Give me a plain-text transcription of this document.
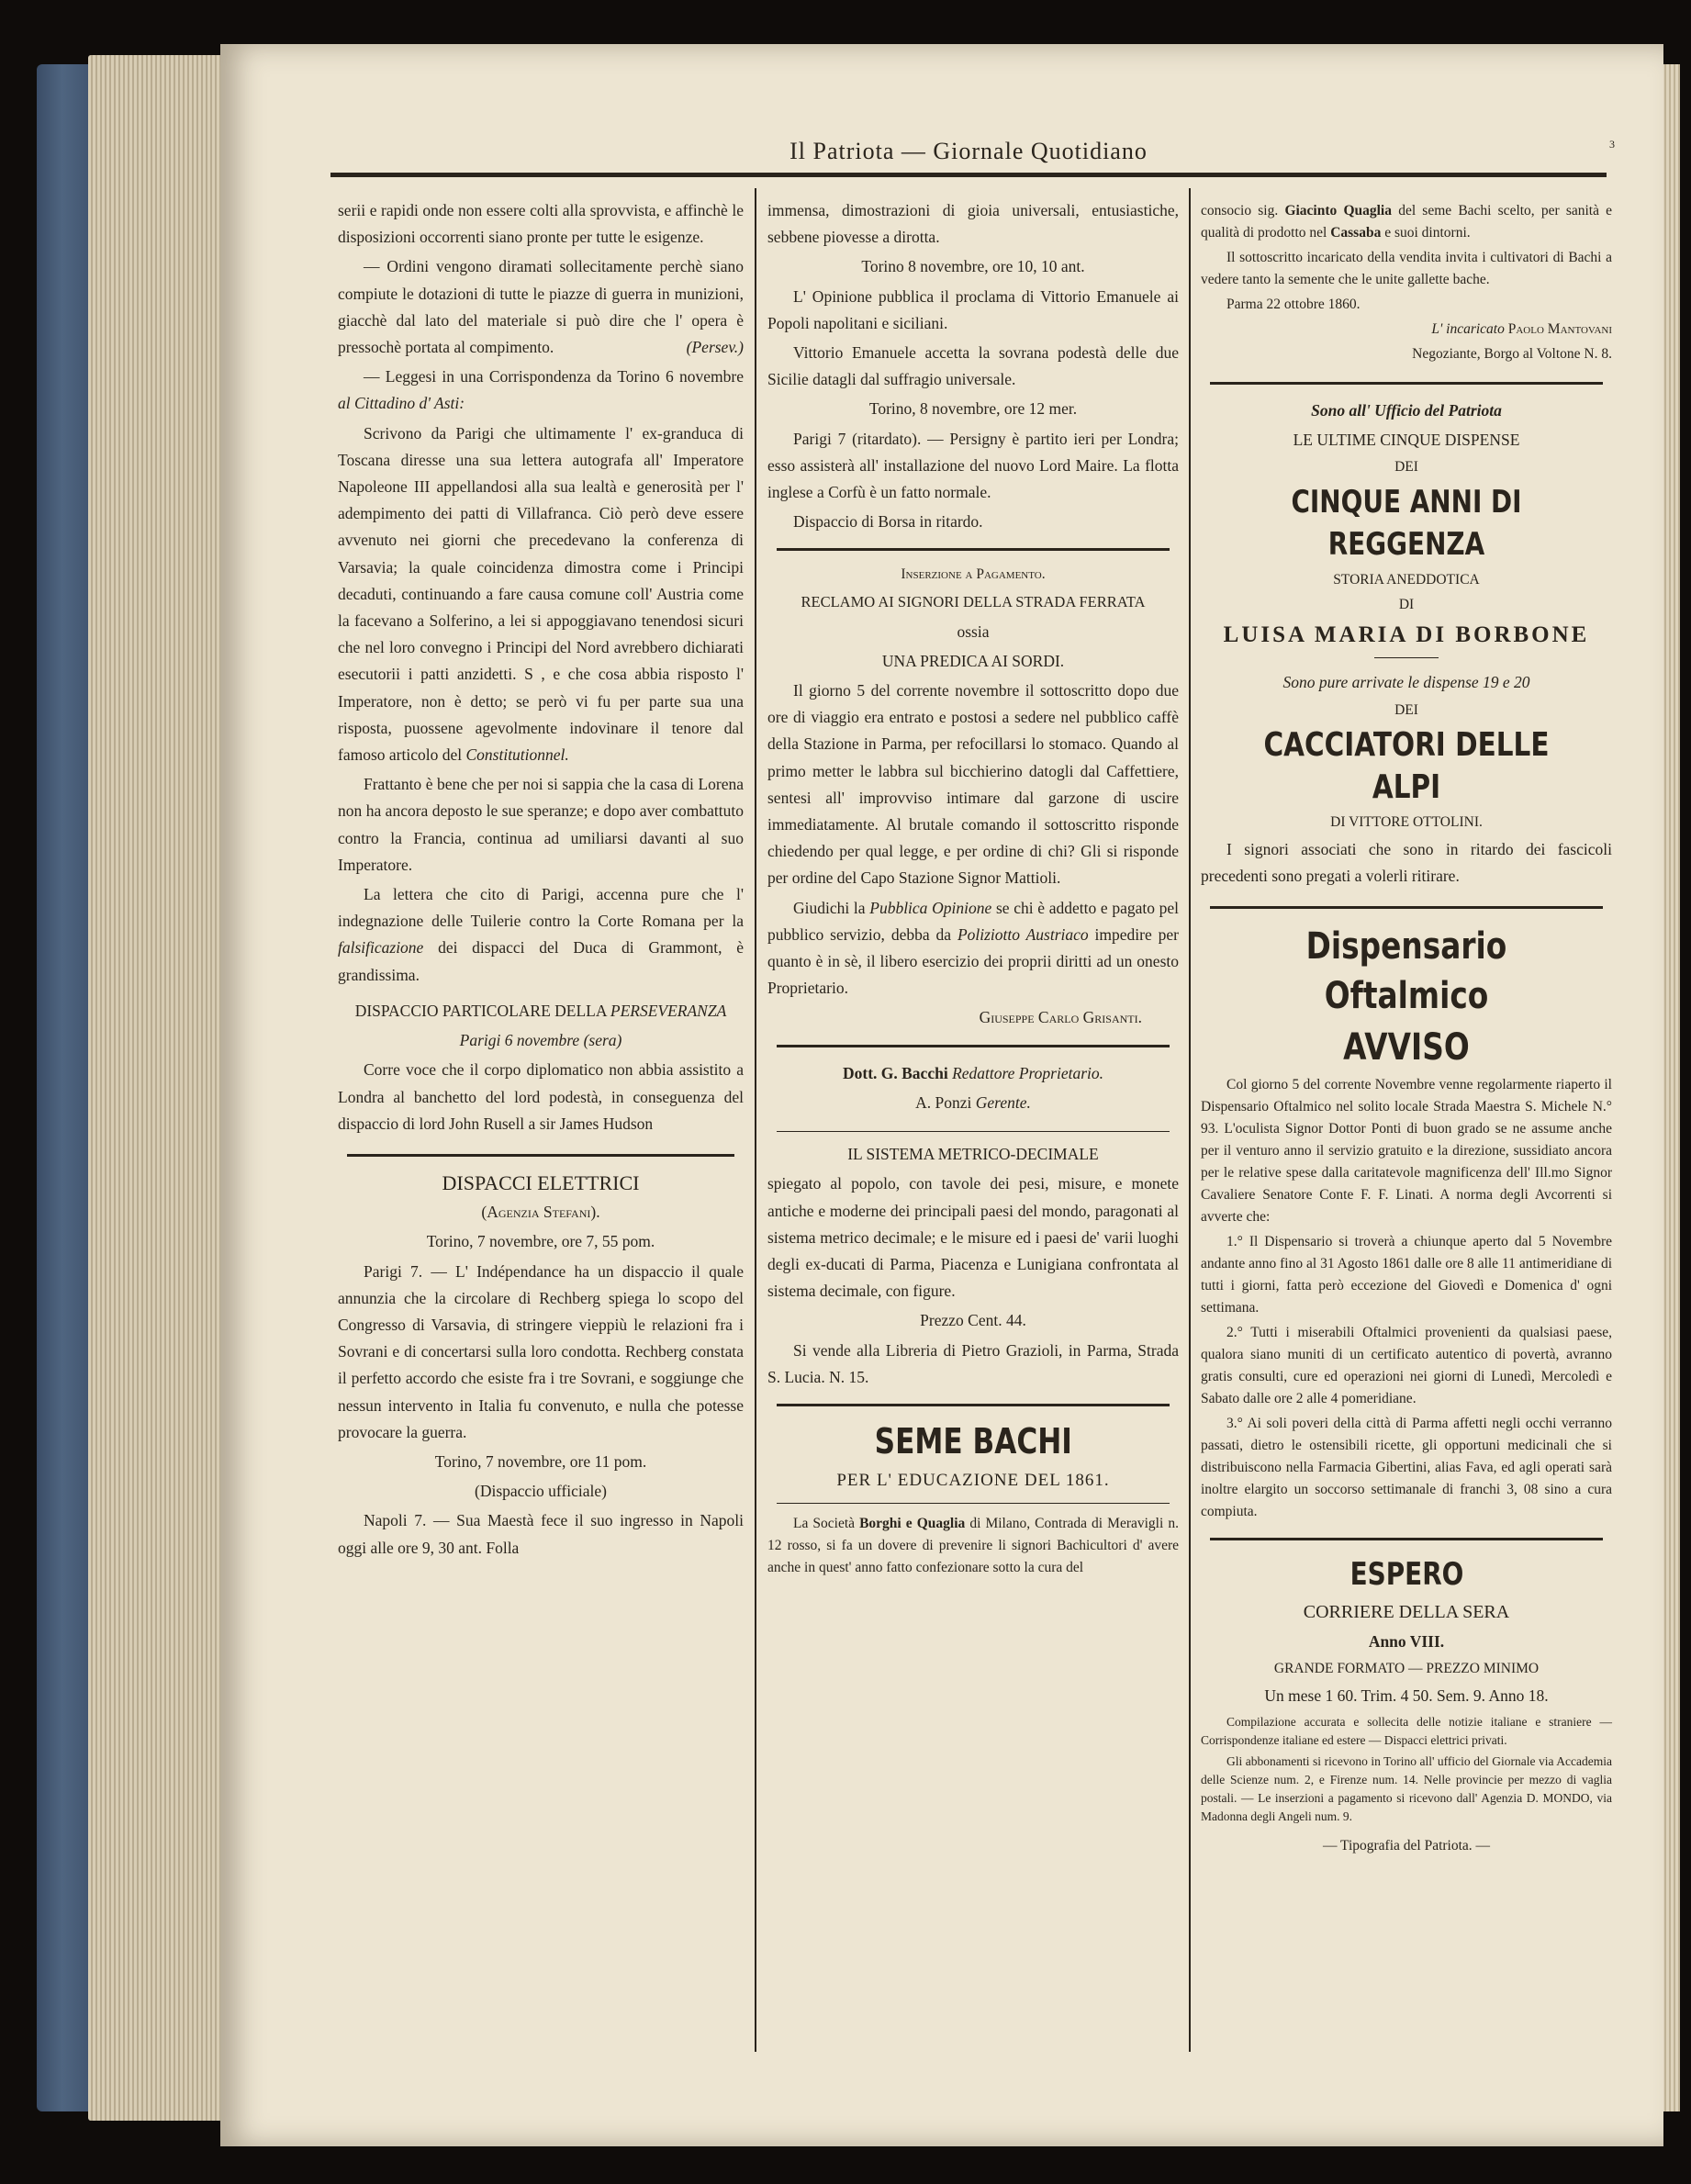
Il Patriota — Giornale Quotidiano	3

serii e rapidi onde non essere colti alla sprovvista, e affinchè le disposizioni occorrenti siano pronte per tutte le esigenze.

— Ordini vengono diramati sollecitamente perchè siano compiute le dotazioni di tutte le piazze di guerra in munizioni, giacchè dal lato del materiale si può dire che l' opera è pressochè portata al compimento.	(Persev.)

— Leggesi in una Corrispondenza da Torino 6 novembre al Cittadino d' Asti:

Scrivono da Parigi che ultimamente l' ex-granduca di Toscana diresse una sua lettera autografa all' Imperatore Napoleone III appellandosi alla sua lealtà e generosità per l' adempimento dei patti di Villafranca. Ciò però deve essere avvenuto nei giorni che precedevano la conferenza di Varsavia; la quale coincidenza dimostra come i Principi decaduti, continuando a fare causa comune coll' Austria come la facevano a Solferino, a lei si appoggiavano tenendosi sicuri che nel loro convegno i Principi del Nord avrebbero dichiarati esecutorii i patti anzidetti. S , e che cosa abbia risposto l' Imperatore, non è detto; se però vi fu per parte sua una risposta, puossene agevolmente indovinare il tenore dal famoso articolo del Constitutionnel.

Frattanto è bene che per noi si sappia che la casa di Lorena non ha ancora deposto le sue speranze; e dopo aver combattuto contro la Francia, continua ad umiliarsi davanti al suo Imperatore.

La lettera che cito di Parigi, accenna pure che l' indegnazione delle Tuilerie contro la Corte Romana per la falsificazione dei dispacci del Duca di Grammont, è grandissima.

DISPACCIO PARTICOLARE DELLA PERSEVERANZA

Parigi 6 novembre (sera)

Corre voce che il corpo diplomatico non abbia assistito a Londra al banchetto del lord podestà, in conseguenza del dispaccio di lord John Rusell a sir James Hudson

DISPACCI ELETTRICI

(Agenzia Stefani).

Torino, 7 novembre, ore 7, 55 pom.

Parigi 7. — L' Indépendance ha un dispaccio il quale annunzia che la circolare di Rechberg spiega lo scopo del Congresso di Varsavia, di stringere vieppiù le relazioni fra i Sovrani e di concertarsi sulla loro condotta. Rechberg constata il perfetto accordo che esiste fra i tre Sovrani, e soggiunge che nessun intervento in Italia fu convenuto, e nulla che potesse provocare la guerra.

Torino, 7 novembre, ore 11 pom.

(Dispaccio ufficiale)

Napoli 7. — Sua Maestà fece il suo ingresso in Napoli oggi alle ore 9, 30 ant. Folla

immensa, dimostrazioni di gioia universali, entusiastiche, sebbene piovesse a dirotta.

Torino 8 novembre, ore 10, 10 ant.

L' Opinione pubblica il proclama di Vittorio Emanuele ai Popoli napolitani e siciliani.

Vittorio Emanuele accetta la sovrana podestà delle due Sicilie datagli dal suffragio universale.

Torino, 8 novembre, ore 12 mer.

Parigi 7 (ritardato). — Persigny è partito ieri per Londra; esso assisterà all' installazione del nuovo Lord Maire. La flotta inglese a Corfù è un fatto normale.

Dispaccio di Borsa in ritardo.

Inserzione a Pagamento.

RECLAMO AI SIGNORI DELLA STRADA FERRATA

ossia

UNA PREDICA AI SORDI.

Il giorno 5 del corrente novembre il sottoscritto dopo due ore di viaggio era entrato e postosi a sedere nel pubblico caffè della Stazione in Parma, per refocillarsi lo stomaco. Quando al primo metter le labbra sul bicchierino datogli dal Caffettiere, sentesi all' improvviso intimare dal garzone di uscire immediatamente. Al brutale comando il sottoscritto risponde chiedendo per qual legge, e per ordine di chi? Gli si risponde per ordine del Capo Stazione Signor Mattioli.

Giudichi la Pubblica Opinione se chi è addetto e pagato pel pubblico servizio, debba da Poliziotto Austriaco impedire per quanto è in sè, il libero esercizio dei proprii diritti ad un onesto Proprietario.

Giuseppe Carlo Grisanti.

Dott. G. Bacchi Redattore Proprietario.

A. Ponzi Gerente.

IL SISTEMA METRICO-DECIMALE

spiegato al popolo, con tavole dei pesi, misure, e monete antiche e moderne dei principali paesi del mondo, paragonati al sistema metrico decimale; e le misure ed i paesi de' varii luoghi degli ex-ducati di Parma, Piacenza e Lunigiana confrontata al sistema decimale, con figure.

Prezzo Cent. 44.

Si vende alla Libreria di Pietro Grazioli, in Parma, Strada S. Lucia. N. 15.

SEME BACHI

PER L' EDUCAZIONE DEL 1861.

La Società Borghi e Quaglia di Milano, Contrada di Meravigli n. 12 rosso, si fa un dovere di prevenire li signori Bachicultori d' avere anche in quest' anno fatto confezionare sotto la cura del

consocio sig. Giacinto Quaglia del seme Bachi scelto, per sanità e qualità di prodotto nel Cassaba e suoi dintorni.

Il sottoscritto incaricato della vendita invita i cultivatori di Bachi a vedere tanto la semente che le unite gallette bache.

Parma 22 ottobre 1860.

L' incaricato Paolo Mantovani

Negoziante, Borgo al Voltone N. 8.

Sono all' Ufficio del Patriota

LE ULTIME CINQUE DISPENSE

DEI

CINQUE ANNI DI REGGENZA

STORIA ANEDDOTICA

DI

LUISA MARIA DI BORBONE

Sono pure arrivate le dispense 19 e 20

DEI

CACCIATORI DELLE ALPI

DI VITTORE OTTOLINI.

I signori associati che sono in ritardo dei fascicoli precedenti sono pregati a volerli ritirare.

Dispensario Oftalmico

AVVISO

Col giorno 5 del corrente Novembre venne regolarmente riaperto il Dispensario Oftalmico nel solito locale Strada Maestra S. Michele N.° 93. L'oculista Signor Dottor Ponti di buon grado se ne assume anche per il venturo anno il servizio gratuito e la direzione, sussidiato ancora per le relative spese dalla caritatevole magnificenza dell' Ill.mo Signor Cavaliere Senatore Conte F. F. Linati. A norma degli Avcorrenti si avverte che:

1.° Il Dispensario si troverà a chiunque aperto dal 5 Novembre andante anno fino al 31 Agosto 1861 dalle ore 8 alle 11 antimeridiane di tutti i giorni, fatta però eccezione del Giovedì e Domenica d' ogni settimana.

2.° Tutti i miserabili Oftalmici provenienti da qualsiasi paese, qualora siano muniti di un certificato autentico di povertà, avranno gratis consulti, cure ed operazioni nei giorni di Lunedì, Mercoledì e Sabato dalle ore 2 alle 4 pomeridiane.

3.° Ai soli poveri della città di Parma affetti negli occhi verranno passati, dietro le ostensibili ricette, gli opportuni medicinali che si distribuiscono nella Farmacia Gibertini, alias Fava, ed agli operati sarà inoltre elargito un soccorso settimanale di franchi 3, 08 sino a cura compiuta.

ESPERO

CORRIERE DELLA SERA

Anno VIII.

GRANDE FORMATO — PREZZO MINIMO

Un mese 1 60. Trim. 4 50. Sem. 9. Anno 18.

Compilazione accurata e sollecita delle notizie italiane e straniere — Corrispondenze italiane ed estere — Dispacci elettrici privati.

Gli abbonamenti si ricevono in Torino all' ufficio del Giornale via Accademia delle Scienze num. 2, e Firenze num. 14. Nelle provincie per mezzo di vaglia postali. — Le inserzioni a pagamento si ricevono dall' Agenzia D. MONDO, via Madonna degli Angeli num. 9.

— Tipografia del Patriota. —
